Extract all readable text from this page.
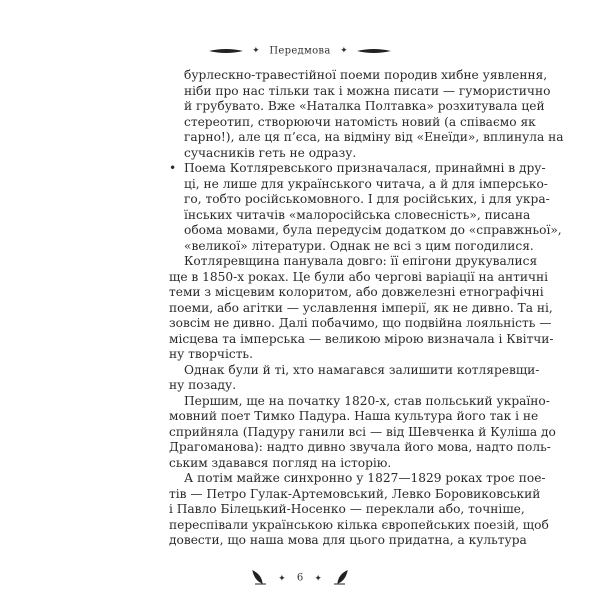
✦ Передмова ✦

бурлескно-травестійної поеми породив хибне уявлення,
ніби про нас тільки так і можна писати — гумористично
й грубувато. Вже «Наталка Полтавка» розхитувала цей
стереотип, створюючи натомість новий (а співаємо як
гарно!), але ця п’єса, на відміну від «Енеїди», вплинула на
сучасників геть не одразу.

• Поема Котляревського призначалася, принаймні в дру-
ці, не лише для українського читача, а й для імперсько-
го, тобто російськомовного. І для російських, і для укра-
їнських читачів «малоросійська словесність», писана
обома мовами, була передусім додатком до «справжньої»,
«великої» літератури. Однак не всі з цим погодилися.

Котляревщина панувала довго: її епігони друкувалися
ще в 1850-х роках. Це були або чергові варіації на античні
теми з місцевим колоритом, або довжелезні етнографічні
поеми, або агітки — уславлення імперії, як не дивно. Та ні,
зовсім не дивно. Далі побачимо, що подвійна лояльність —
місцева та імперська — великою мірою визначала і Квітчи-
ну творчість.

Однак були й ті, хто намагався залишити котляревщи-
ну позаду.

Першим, ще на початку 1820-х, став польський україно-
мовний поет Тимко Падура. Наша культура його так і не
сприйняла (Падуру ганили всі — від Шевченка й Куліша до
Драгоманова): надто дивно звучала його мова, надто поль-
ським здавався погляд на історію.

А потім майже синхронно у 1827—1829 роках троє пое-
тів — Петро Гулак-Артемовський, Левко Боровиковський
і Павло Білецький-Носенко — переклали або, точніше,
переспівали українською кілька європейських поезій, щоб
довести, що наша мова для цього придатна, а культура

✦ 6 ✦
